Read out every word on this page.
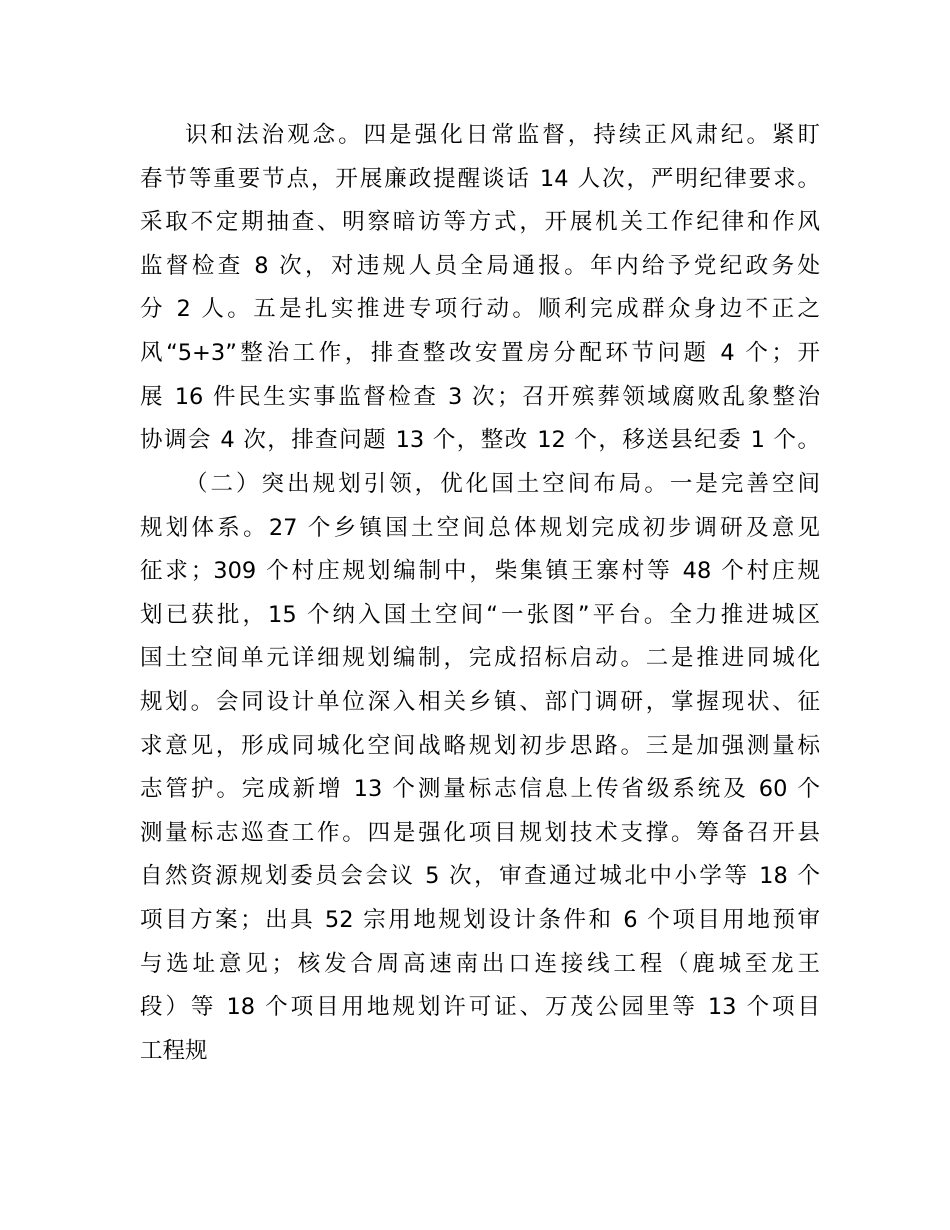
识和法治观念。四是强化日常监督，持续正风肃纪。紧盯
春节等重要节点，开展廉政提醒谈话 14 人次，严明纪律要求。
采取不定期抽查、明察暗访等方式，开展机关工作纪律和作风
监督检查 8 次，对违规人员全局通报。年内给予党纪政务处
分 2 人。五是扎实推进专项行动。顺利完成群众身边不正之
风“5+3”整治工作，排查整改安置房分配环节问题 4 个；开
展 16 件民生实事监督检查 3 次；召开殡葬领域腐败乱象整治
协调会 4 次，排查问题 13 个，整改 12 个，移送县纪委 1 个。
（二）突出规划引领，优化国土空间布局。一是完善空间
规划体系。27 个乡镇国土空间总体规划完成初步调研及意见
征求；309 个村庄规划编制中，柴集镇王寨村等 48 个村庄规
划已获批，15 个纳入国土空间“一张图”平台。全力推进城区
国土空间单元详细规划编制，完成招标启动。二是推进同城化
规划。会同设计单位深入相关乡镇、部门调研，掌握现状、征
求意见，形成同城化空间战略规划初步思路。三是加强测量标
志管护。完成新增 13 个测量标志信息上传省级系统及 60 个
测量标志巡查工作。四是强化项目规划技术支撑。筹备召开县
自然资源规划委员会会议 5 次，审查通过城北中小学等 18 个
项目方案；出具 52 宗用地规划设计条件和 6 个项目用地预审
与选址意见；核发合周高速南出口连接线工程（鹿城至龙王
段）等 18 个项目用地规划许可证、万茂公园里等 13 个项目
工程规
